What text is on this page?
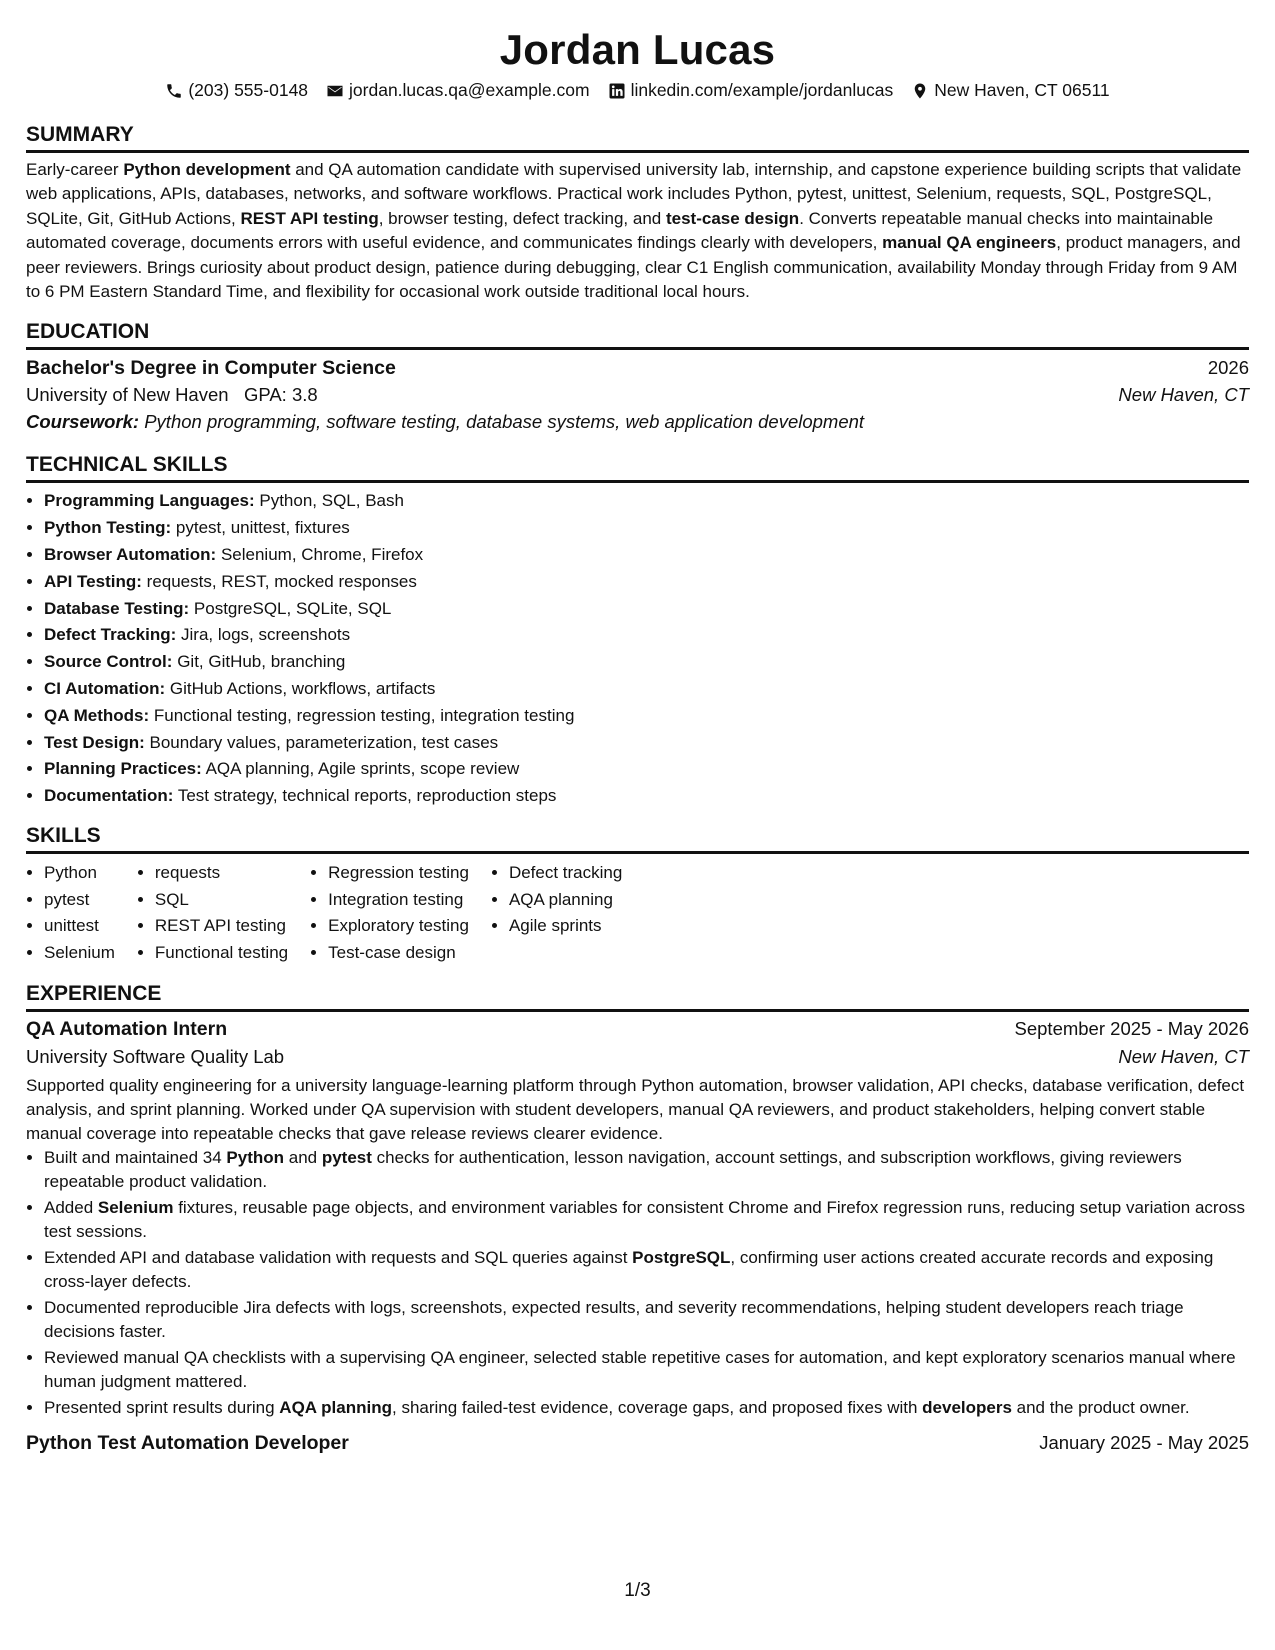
Jordan Lucas
(203) 555-0148 jordan.lucas.qa@example.com linkedin.com/example/jordanlucas New Haven, CT 06511
SUMMARY

Early-career Python development and QA automation candidate with supervised university lab, internship, and capstone experience building scripts that validate web applications, APIs, databases, networks, and software workflows. Practical work includes Python, pytest, unittest, Selenium, requests, SQL, PostgreSQL, SQLite, Git, GitHub Actions, REST API testing, browser testing, defect tracking, and test-case design. Converts repeatable manual checks into maintainable automated coverage, documents errors with useful evidence, and communicates findings clearly with developers, manual QA engineers, product managers, and peer reviewers. Brings curiosity about product design, patience during debugging, clear C1 English communication, availability Monday through Friday from 9 AM to 6 PM Eastern Standard Time, and flexibility for occasional work outside traditional local hours.

EDUCATION
Bachelor's Degree in Computer Science	2026
University of New Haven GPA: 3.8	New Haven, CT
Coursework: Python programming, software testing, database systems, web application development
TECHNICAL SKILLS
• Programming Languages: Python, SQL, Bash
• Python Testing: pytest, unittest, fixtures
• Browser Automation: Selenium, Chrome, Firefox
• API Testing: requests, REST, mocked responses
• Database Testing: PostgreSQL, SQLite, SQL
• Defect Tracking: Jira, logs, screenshots
• Source Control: Git, GitHub, branching
• CI Automation: GitHub Actions, workflows, artifacts
• QA Methods: Functional testing, regression testing, integration testing
• Test Design: Boundary values, parameterization, test cases
• Planning Practices: AQA planning, Agile sprints, scope review
• Documentation: Test strategy, technical reports, reproduction steps
SKILLS
• Python
• pytest
• unittest
• Selenium
• requests
• SQL
• REST API testing
• Functional testing
• Regression testing
• Integration testing
• Exploratory testing
• Test-case design
• Defect tracking
• AQA planning
• Agile sprints
EXPERIENCE
QA Automation Intern	September 2025 - May 2026
University Software Quality Lab	New Haven, CT

Supported quality engineering for a university language-learning platform through Python automation, browser validation, API checks, database verification, defect analysis, and sprint planning. Worked under QA supervision with student developers, manual QA reviewers, and product stakeholders, helping convert stable manual coverage into repeatable checks that gave release reviews clearer evidence.

• Built and maintained 34 Python and pytest checks for authentication, lesson navigation, account settings, and subscription workflows, giving reviewers repeatable product validation.
• Added Selenium fixtures, reusable page objects, and environment variables for consistent Chrome and Firefox regression runs, reducing setup variation across test sessions.
• Extended API and database validation with requests and SQL queries against PostgreSQL, confirming user actions created accurate records and exposing cross-layer defects.
• Documented reproducible Jira defects with logs, screenshots, expected results, and severity recommendations, helping student developers reach triage decisions faster.
• Reviewed manual QA checklists with a supervising QA engineer, selected stable repetitive cases for automation, and kept exploratory scenarios manual where human judgment mattered.
• Presented sprint results during AQA planning, sharing failed-test evidence, coverage gaps, and proposed fixes with developers and the product owner.
Python Test Automation Developer	January 2025 - May 2025
1/3
